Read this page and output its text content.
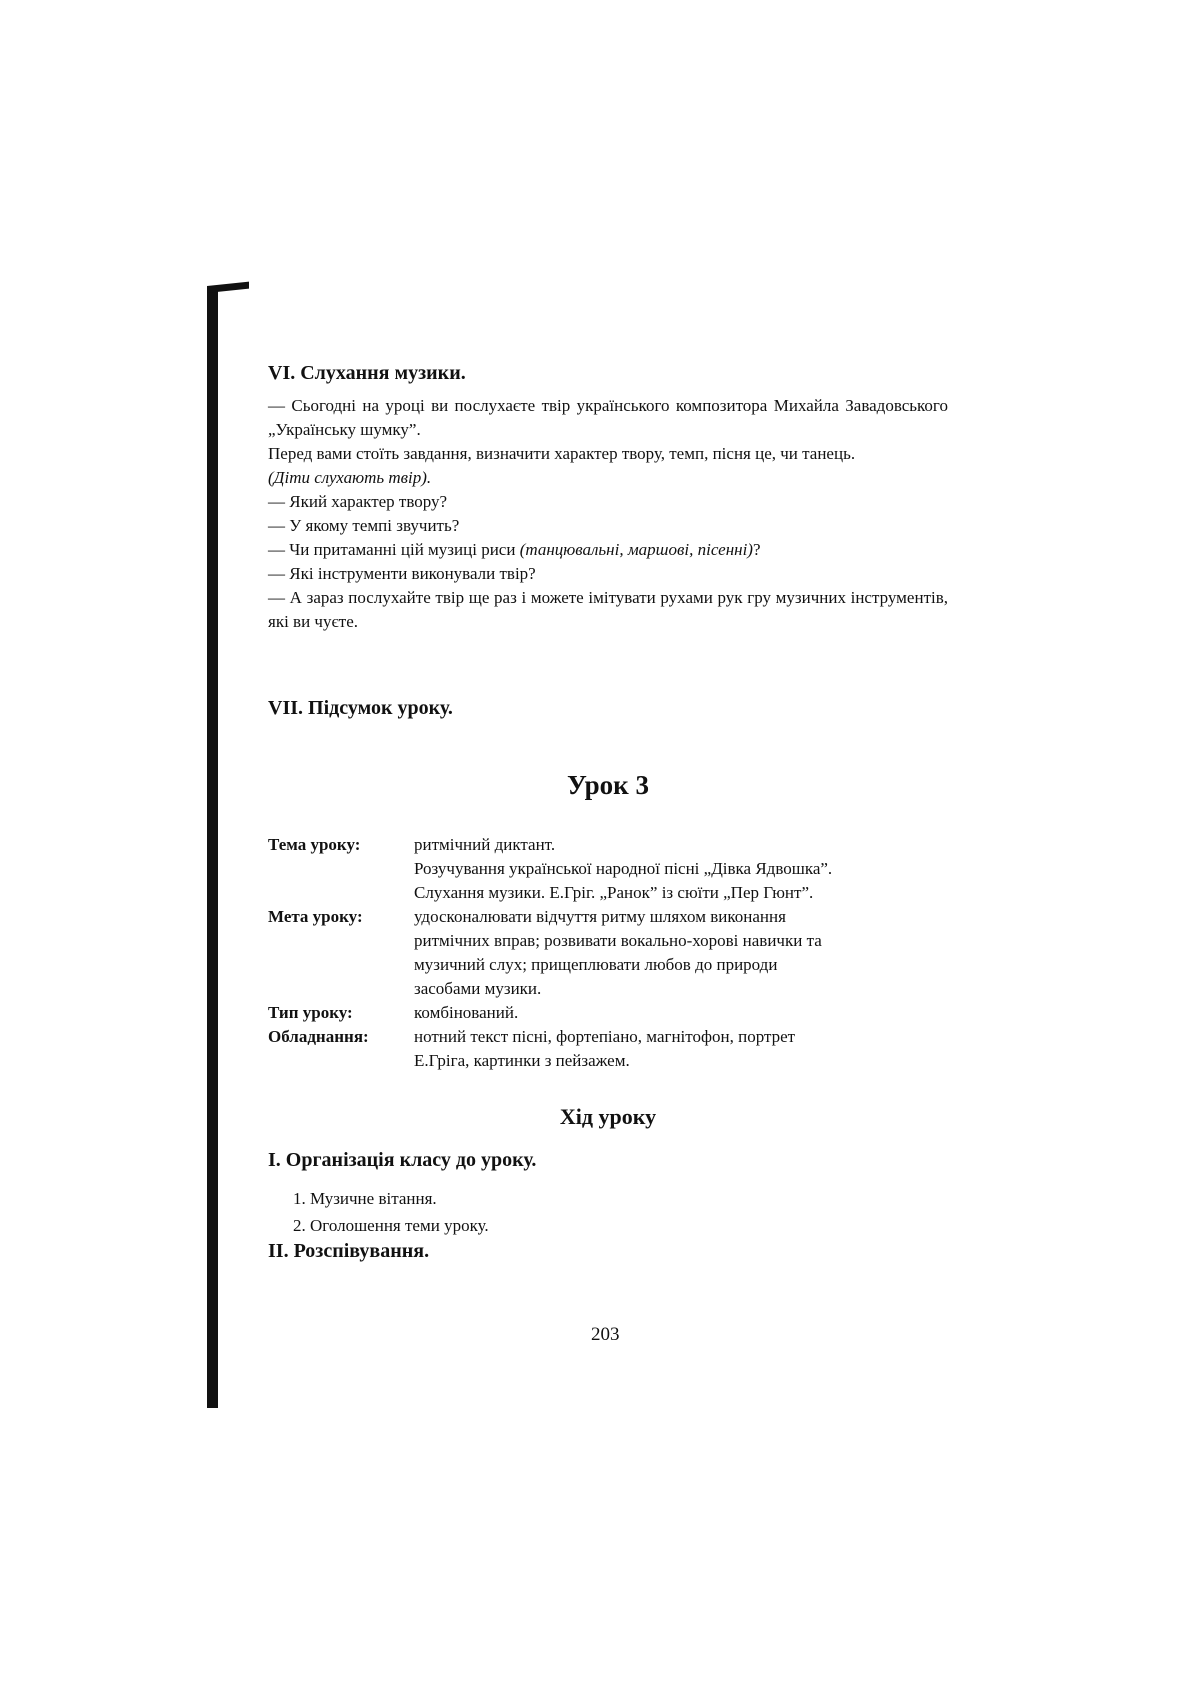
VI. Слухання музики.

— Сьогодні на уроці ви послухаєте твір українського композитора Михайла Завадовського „Українську шумку”.

Перед вами стоїть завдання, визначити характер твору, темп, пісня це, чи танець.

(Діти слухають твір).

— Який характер твору?

— У якому темпі звучить?

— Чи притаманні цій музиці риси (танцювальні, маршові, пісенні)?

— Які інструменти виконували твір?

— А зараз послухайте твір ще раз і можете імітувати рухами рук гру музичних інструментів, які ви чуєте.

VII. Підсумок уроку.
Урок 3
Тема уроку:	ритмічний диктант.
Розучування української народної пісні „Дівка Ядвошка”.
Слухання музики. Е.Гріг. „Ранок” із сюїти „Пер Гюнт”.

Мета уроку:	удосконалювати відчуття ритму шляхом виконання
ритмічних вправ; розвивати вокально-хорові навички та
музичний слух; прищеплювати любов до природи
засобами музики.

Тип уроку:	комбінований.

Обладнання:	нотний текст пісні, фортепіано, магнітофон, портрет
Е.Гріга, картинки з пейзажем.
Хід уроку
I. Організація класу до уроку.
1. Музичне вітання.
2. Оголошення теми уроку.
II. Розспівування.
203
